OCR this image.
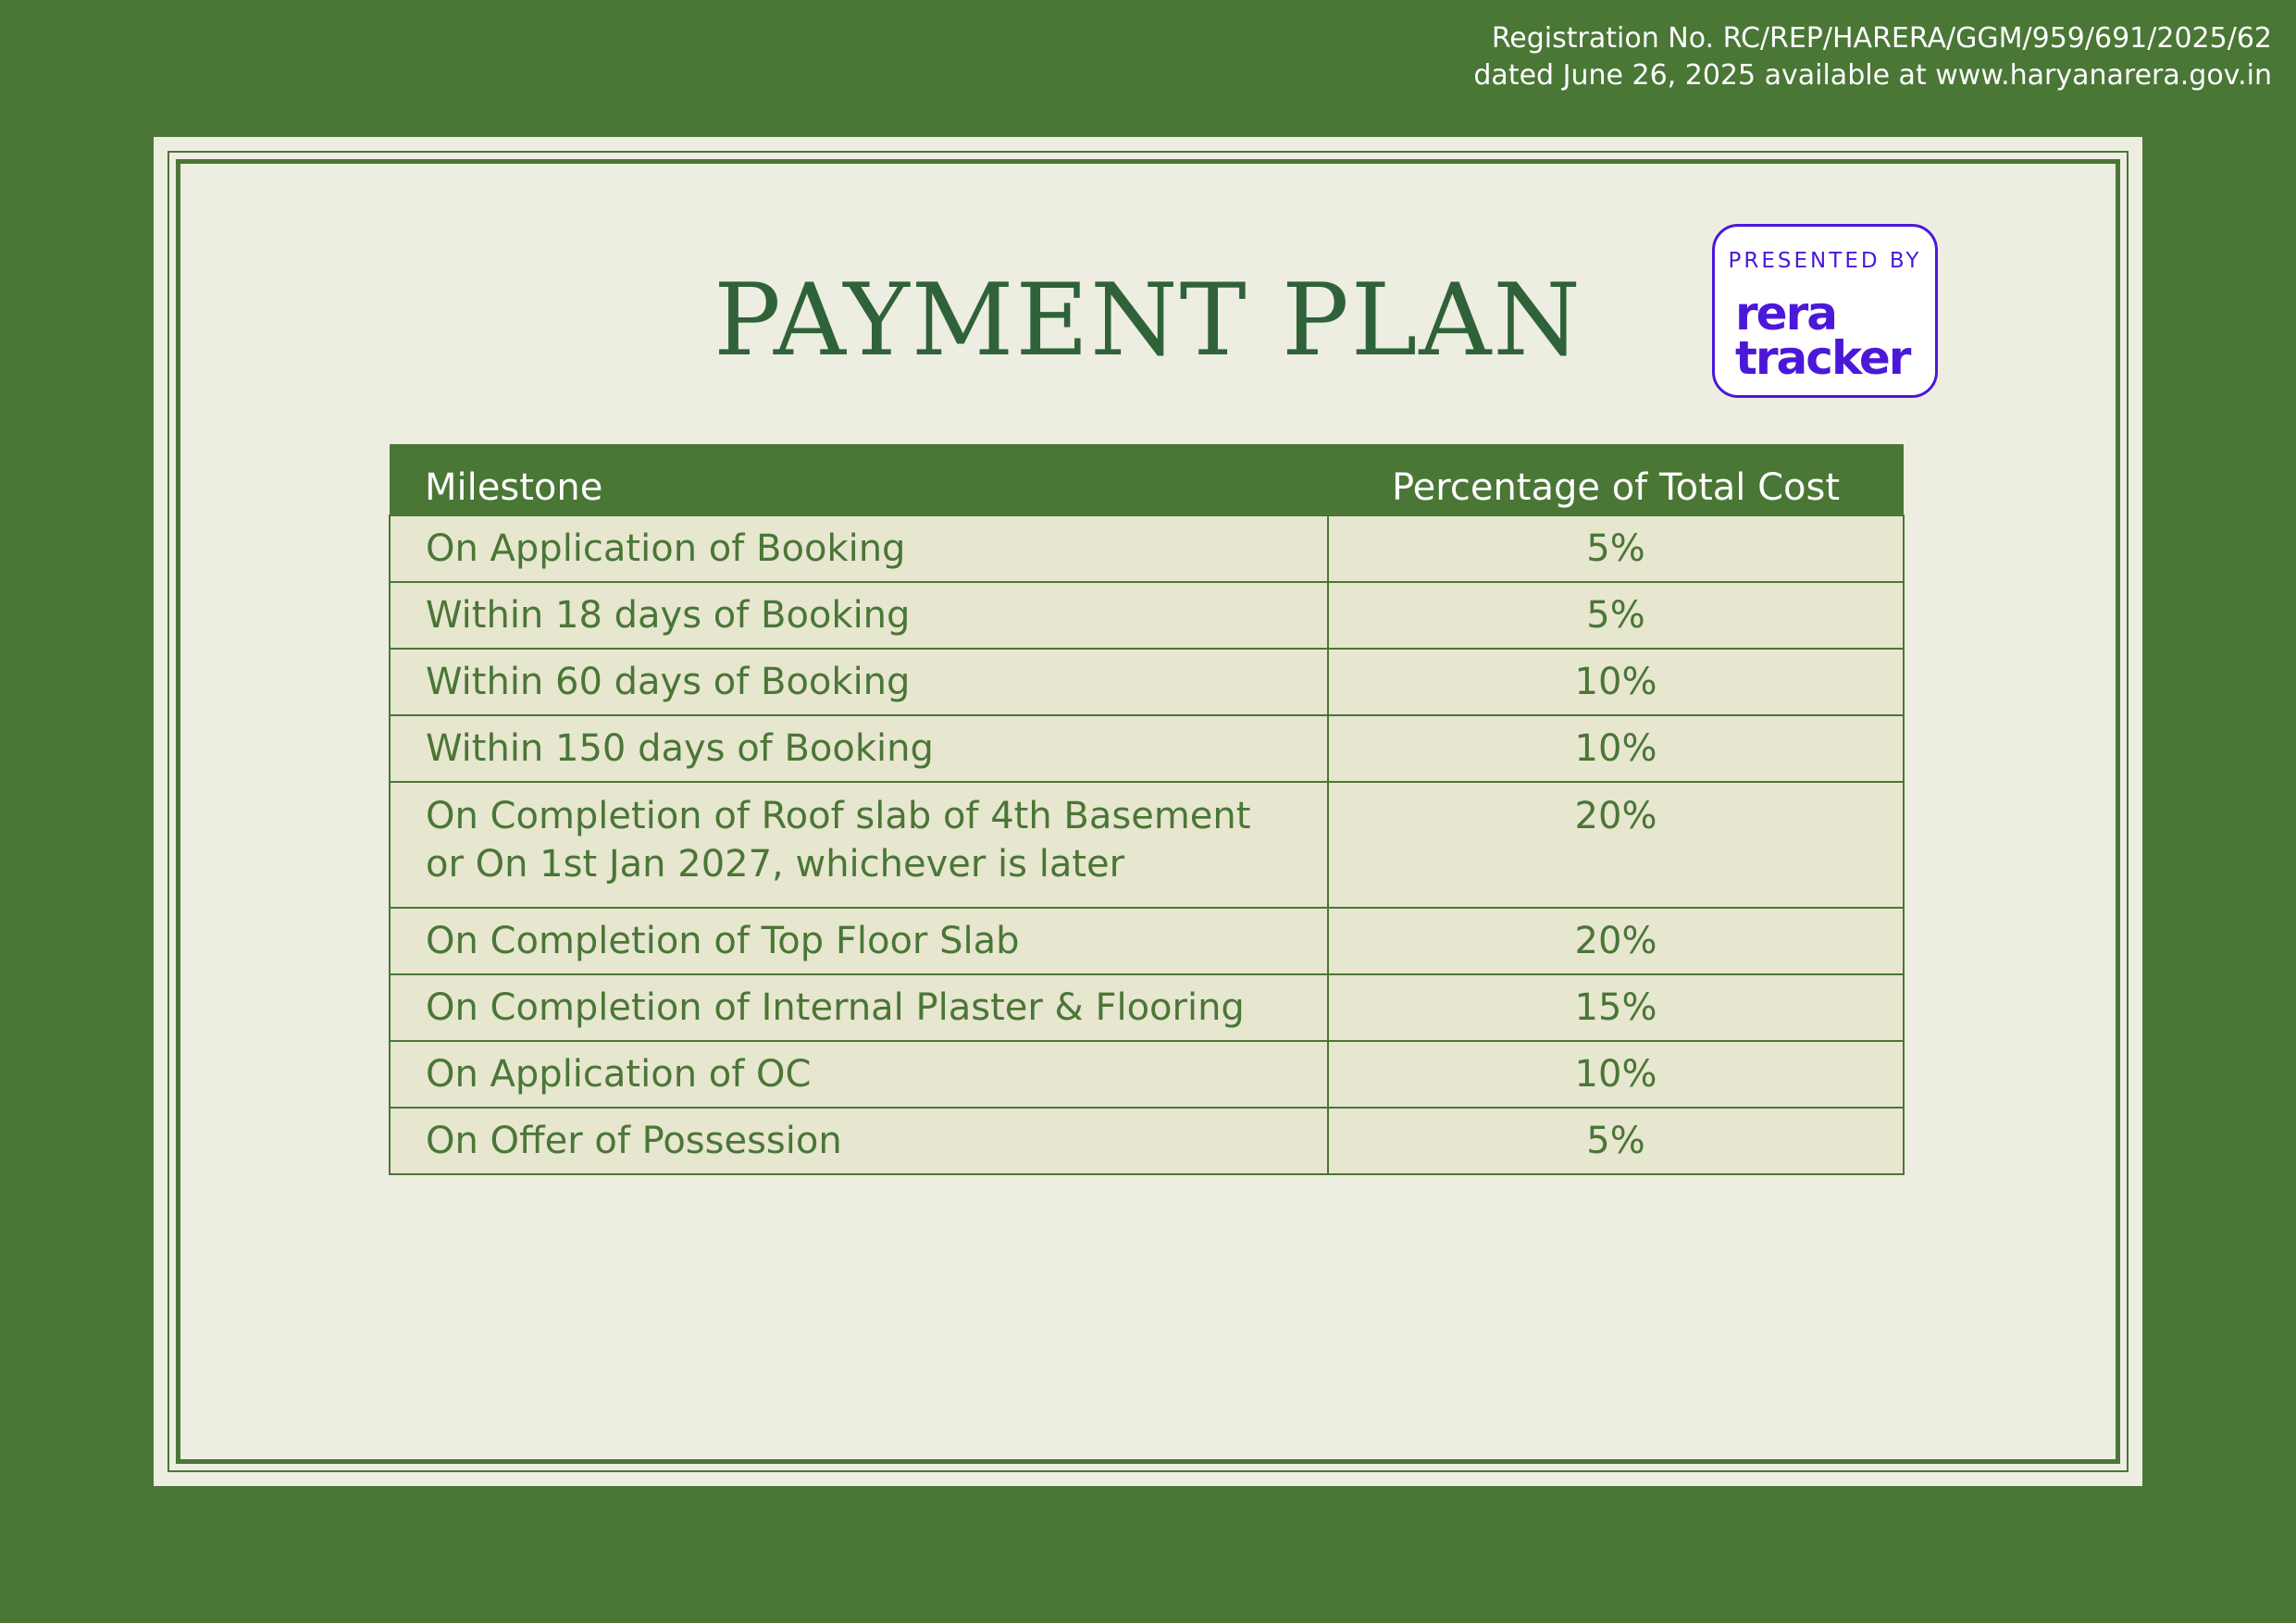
Registration No. RC/REP/HARERA/GGM/959/691/2025/62
dated June 26, 2025 available at www.haryanarera.gov.in
PAYMENT PLAN
PRESENTED BY
rera
tracker
Milestone	Percentage of Total Cost
On Application of Booking	5%
Within 18 days of Booking	5%
Within 60 days of Booking	10%
Within 150 days of Booking	10%

On Completion of Roof slab of 4th Basement
or On 1st Jan 2027, whichever is later	20%
On Completion of Top Floor Slab	20%
On Completion of Internal Plaster & Flooring	15%
On Application of OC	10%
On Offer of Possession	5%
